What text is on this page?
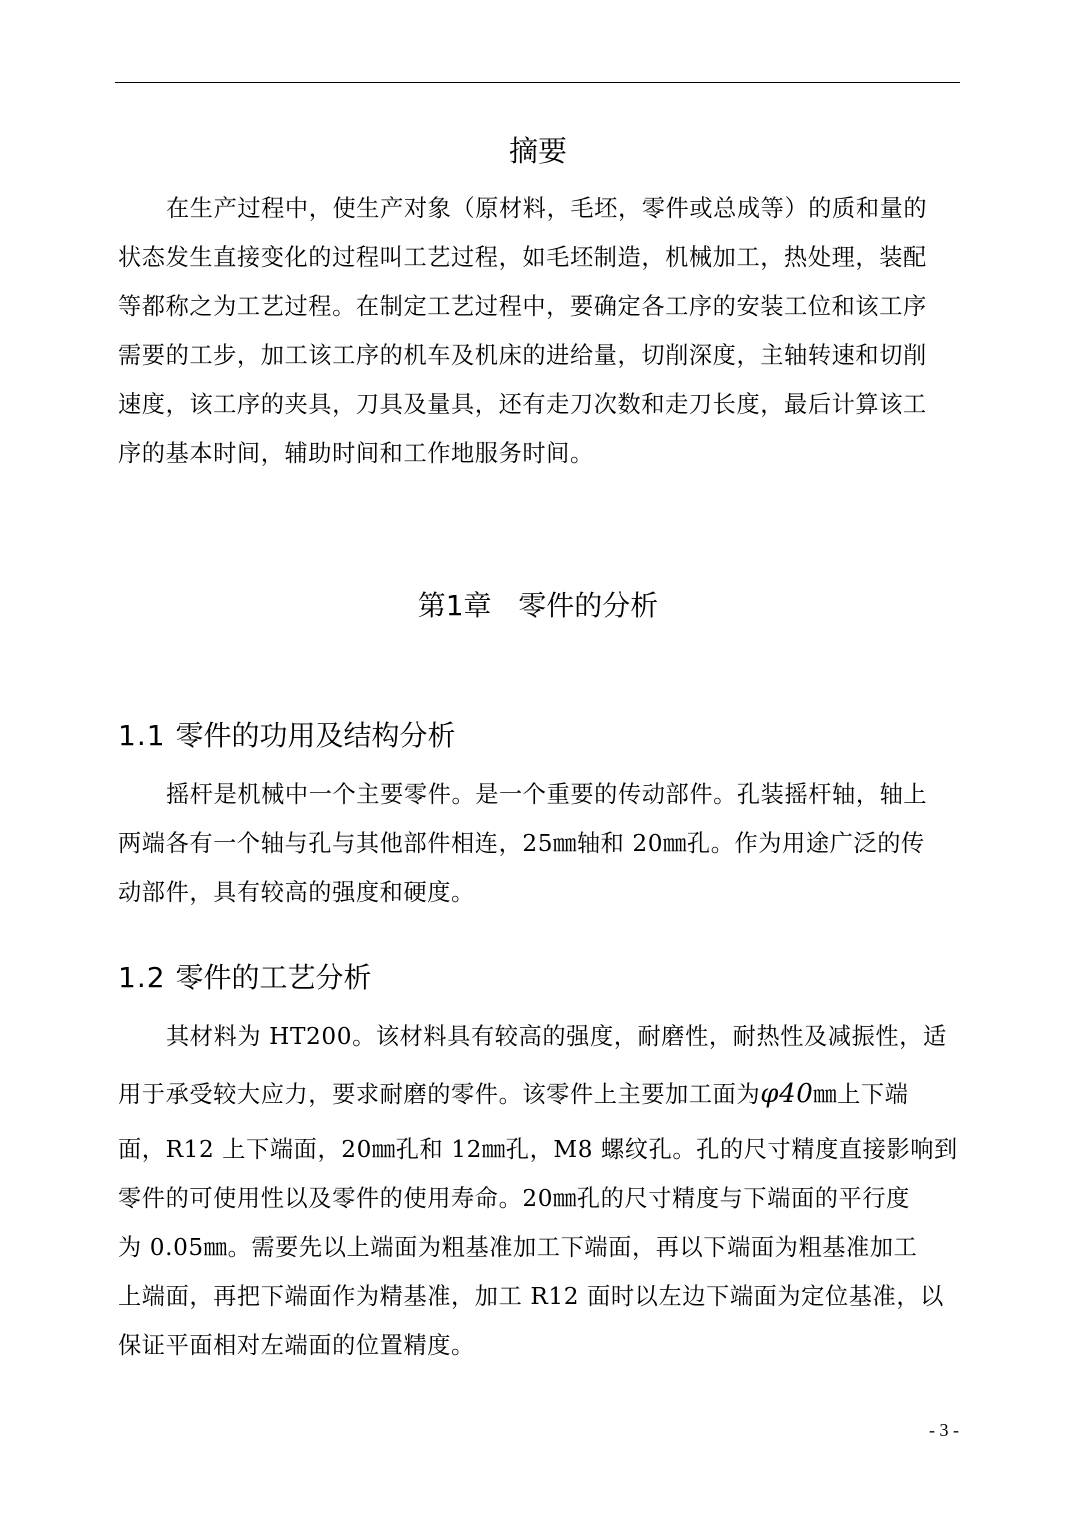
摘要
在生产过程中，使生产对象（原材料，毛坯，零件或总成等）的质和量的
状态发生直接变化的过程叫工艺过程，如毛坯制造，机械加工，热处理，装配
等都称之为工艺过程。在制定工艺过程中，要确定各工序的安装工位和该工序
需要的工步，加工该工序的机车及机床的进给量，切削深度，主轴转速和切削
速度，该工序的夹具，刀具及量具，还有走刀次数和走刀长度，最后计算该工
序的基本时间，辅助时间和工作地服务时间。
第1章   零件的分析
1.1 零件的功用及结构分析
摇杆是机械中一个主要零件。是一个重要的传动部件。孔装摇杆轴，轴上
两端各有一个轴与孔与其他部件相连，25㎜轴和 20㎜孔。作为用途广泛的传
动部件，具有较高的强度和硬度。
1.2 零件的工艺分析
其材料为 HT200。该材料具有较高的强度，耐磨性，耐热性及减振性，适
用于承受较大应力，要求耐磨的零件。该零件上主要加工面为φ40㎜上下端
面，R12 上下端面，20㎜孔和 12㎜孔，M8 螺纹孔。孔的尺寸精度直接影响到
零件的可使用性以及零件的使用寿命。20㎜孔的尺寸精度与下端面的平行度
为 0.05㎜。需要先以上端面为粗基准加工下端面，再以下端面为粗基准加工
上端面，再把下端面作为精基准，加工 R12 面时以左边下端面为定位基准，以
保证平面相对左端面的位置精度。
- 3 -
